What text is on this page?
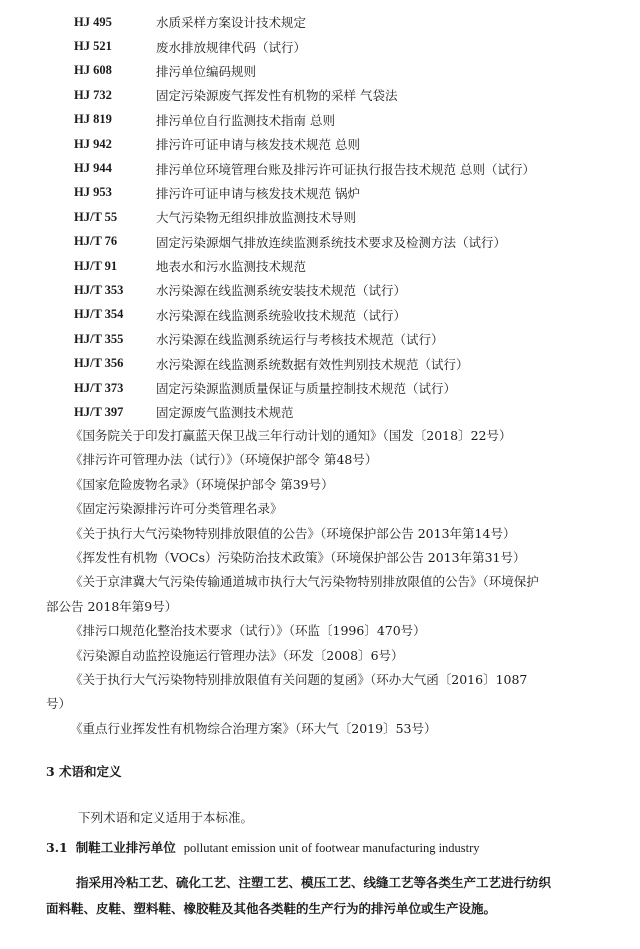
HJ 495	水质采样方案设计技术规定
HJ 521	废水排放规律代码（试行）
HJ 608	排污单位编码规则
HJ 732	固定污染源废气挥发性有机物的采样 气袋法
HJ 819	排污单位自行监测技术指南 总则
HJ 942	排污许可证申请与核发技术规范 总则
HJ 944	排污单位环境管理台账及排污许可证执行报告技术规范 总则（试行）
HJ 953	排污许可证申请与核发技术规范 锅炉
HJ/T 55	大气污染物无组织排放监测技术导则
HJ/T 76	固定污染源烟气排放连续监测系统技术要求及检测方法（试行）
HJ/T 91	地表水和污水监测技术规范
HJ/T 353	水污染源在线监测系统安装技术规范（试行）
HJ/T 354	水污染源在线监测系统验收技术规范（试行）
HJ/T 355	水污染源在线监测系统运行与考核技术规范（试行）
HJ/T 356	水污染源在线监测系统数据有效性判别技术规范（试行）
HJ/T 373	固定污染源监测质量保证与质量控制技术规范（试行）
HJ/T 397	固定源废气监测技术规范
《国务院关于印发打赢蓝天保卫战三年行动计划的通知》（国发〔2018〕22号）
《排污许可管理办法（试行）》（环境保护部令 第48号）
《国家危险废物名录》（环境保护部令 第39号）
《固定污染源排污许可分类管理名录》
《关于执行大气污染物特别排放限值的公告》（环境保护部公告 2013年第14号）
《挥发性有机物（VOCs）污染防治技术政策》（环境保护部公告 2013年第31号）
《关于京津冀大气污染传输通道城市执行大气污染物特别排放限值的公告》（环境保护
部公告 2018年第9号）
《排污口规范化整治技术要求（试行）》（环监〔1996〕470号）
《污染源自动监控设施运行管理办法》（环发〔2008〕6号）
《关于执行大气污染物特别排放限值有关问题的复函》（环办大气函〔2016〕1087
号）
《重点行业挥发性有机物综合治理方案》（环大气〔2019〕53号）
3 术语和定义
下列术语和定义适用于本标准。
3.1 制鞋工业排污单位 pollutant emission unit of footwear manufacturing industry
指采用冷粘工艺、硫化工艺、注塑工艺、模压工艺、线缝工艺等各类生产工艺进行纺织
面料鞋、皮鞋、塑料鞋、橡胶鞋及其他各类鞋的生产行为的排污单位或生产设施。
